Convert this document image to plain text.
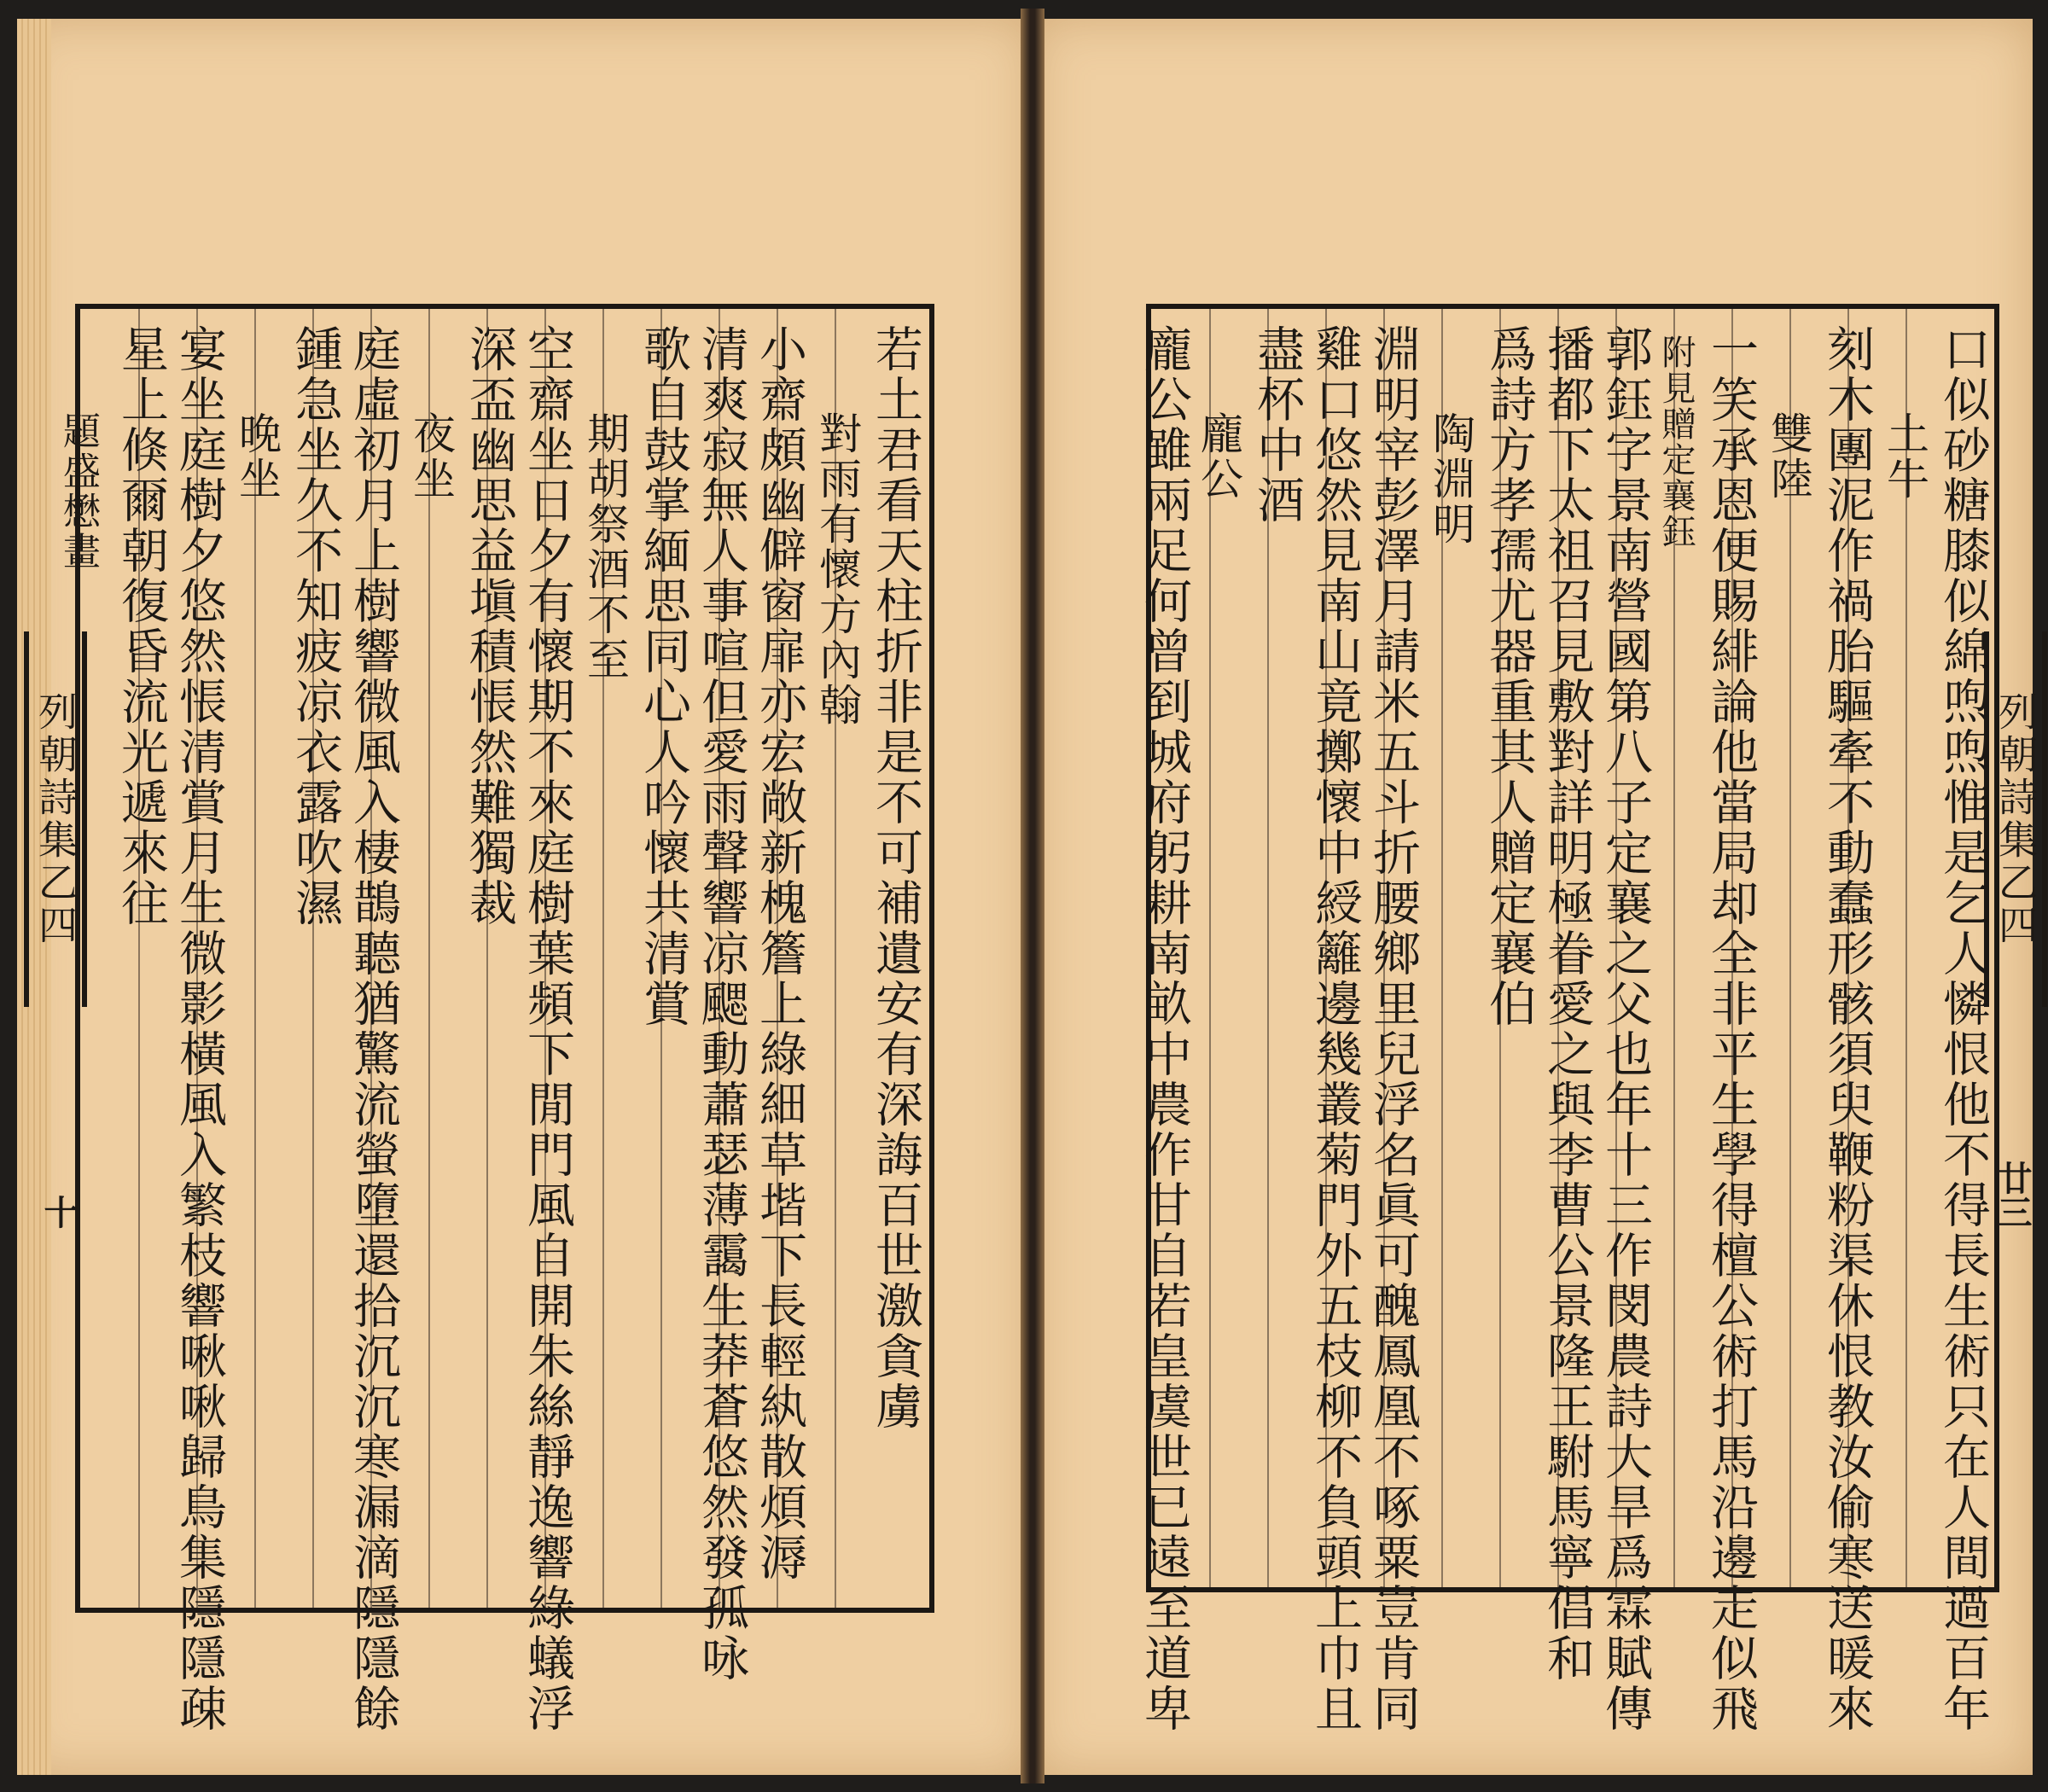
若土君看天柱折非是不可補遺安有深誨百世激貪虜
對雨有懷方內翰
小齋頗幽僻窗扉亦宏敞新槐簷上綠細草堦下長輕紈散煩溽
清爽寂無人事喧但愛雨聲響凉颸動蕭瑟薄靄生莽蒼悠然發孤咏
歌自鼓掌緬思同心人吟懷共清賞
期胡祭酒不至
空齋坐日夕有懷期不來庭樹葉頻下閒門風自開朱絲靜逸響綠蟻浮
深盃幽思益塡積悵然難獨裁
夜坐
庭虛初月上樹響微風入棲鵲聽猶驚流螢墮還拾沉沉寒漏滴隱隱餘
鍾急坐久不知疲凉衣露吹濕
晚坐
宴坐庭樹夕悠然悵清賞月生微影橫風入繁枝響啾啾歸鳥集隱隱疎
星上倏爾朝復昏流光遞來往
題盛懋畫
列朝詩集乙四
十	口似砂糖膝似綿喣喣惟是乞人憐恨他不得長生術只在人間過百年
土牛
刻木團泥作禍胎驅牽不動蠢形骸須臾鞭粉渠休恨教汝偷寒送暖來
雙陸
一笑承恩便賜緋論他當局却全非平生學得檀公術打馬沿邊走似飛
附見贈定襄鈺
郭鈺字景南營國第八子定襄之父也年十三作閔農詩大旱爲霖賦傳
播都下太祖召見敷對詳明極眷愛之與李曹公景隆王駙馬寧倡和
爲詩方孝孺尤器重其人贈定襄伯
陶淵明
淵明宰彭澤月請米五斗折腰鄉里兒浮名眞可醜鳳凰不啄粟豈肯同
雞口悠然見南山竟擲懷中綬籬邊幾叢菊門外五枝柳不負頭上巾且
盡杯中酒
龐公
龐公雖兩足何曾到城府躬耕南畝中農作甘自若皇虞世已遠至道卑	列朝詩集乙四
廿三
